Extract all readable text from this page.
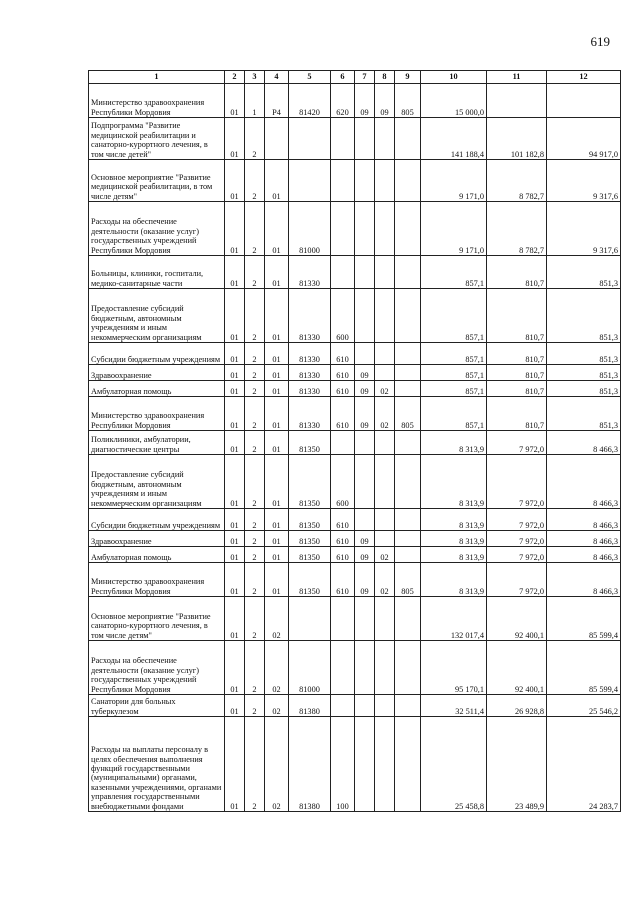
619
1	2	3	4	5	6	7	8	9	10	11	12
Министерство здравоохранения Республики Мордовия	01	1	Р4	81420	620	09	09	805	15 000,0		
Подпрограмма "Развитие медицинской реабилитации и санаторно-курортного лечения, в том числе детей"	01	2							141 188,4	101 182,8	94 917,0
Основное мероприятие "Развитие медицинской реабилитации, в том числе детям"	01	2	01						9 171,0	8 782,7	9 317,6
Расходы на обеспечение деятельности (оказание услуг) государственных учреждений Республики Мордовия	01	2	01	81000					9 171,0	8 782,7	9 317,6
Больницы, клиники, госпитали, медико-санитарные части	01	2	01	81330					857,1	810,7	851,3
Предоставление субсидий бюджетным, автономным учреждениям и иным некоммерческим организациям	01	2	01	81330	600				857,1	810,7	851,3
Субсидии бюджетным учреждениям	01	2	01	81330	610				857,1	810,7	851,3
Здравоохранение	01	2	01	81330	610	09			857,1	810,7	851,3
Амбулаторная помощь	01	2	01	81330	610	09	02		857,1	810,7	851,3
Министерство здравоохранения Республики Мордовия	01	2	01	81330	610	09	02	805	857,1	810,7	851,3
Поликлиники, амбулатории, диагностические центры	01	2	01	81350					8 313,9	7 972,0	8 466,3
Предоставление субсидий бюджетным, автономным учреждениям и иным некоммерческим организациям	01	2	01	81350	600				8 313,9	7 972,0	8 466,3
Субсидии бюджетным учреждениям	01	2	01	81350	610				8 313,9	7 972,0	8 466,3
Здравоохранение	01	2	01	81350	610	09			8 313,9	7 972,0	8 466,3
Амбулаторная помощь	01	2	01	81350	610	09	02		8 313,9	7 972,0	8 466,3
Министерство здравоохранения Республики Мордовия	01	2	01	81350	610	09	02	805	8 313,9	7 972,0	8 466,3
Основное мероприятие "Развитие санаторно-курортного лечения, в том числе детям"	01	2	02						132 017,4	92 400,1	85 599,4
Расходы на обеспечение деятельности (оказание услуг) государственных учреждений Республики Мордовия	01	2	02	81000					95 170,1	92 400,1	85 599,4
Санатории для больных туберкулезом	01	2	02	81380					32 511,4	26 928,8	25 546,2
Расходы на выплаты персоналу в целях обеспечения выполнения функций государственными (муниципальными) органами, казенными учреждениями, органами управления государственными внебюджетными фондами	01	2	02	81380	100				25 458,8	23 489,9	24 283,7
